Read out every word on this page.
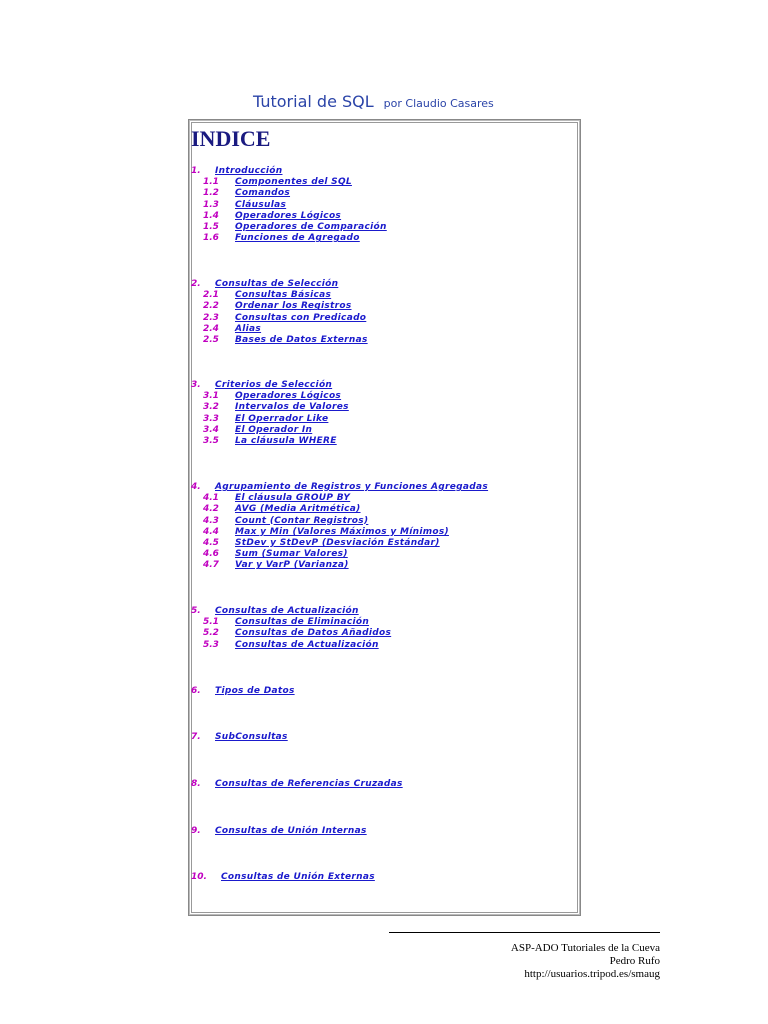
Tutorial de SQL por Claudio Casares
INDICE
1. Introducción
1.1 Componentes del SQL
1.2 Comandos
1.3 Cláusulas
1.4 Operadores Lógicos
1.5 Operadores de Comparación
1.6 Funciones de Agregado
2. Consultas de Selección
2.1 Consultas Básicas
2.2 Ordenar los Registros
2.3 Consultas con Predicado
2.4 Alias
2.5 Bases de Datos Externas
3. Criterios de Selección
3.1 Operadores Lógicos
3.2 Intervalos de Valores
3.3 El Operrador Like
3.4 El Operador In
3.5 La cláusula WHERE
4. Agrupamiento de Registros y Funciones Agregadas
4.1 El cláusula GROUP BY
4.2 AVG (Media Aritmética)
4.3 Count (Contar Registros)
4.4 Max y Min (Valores Máximos y Mínimos)
4.5 StDev y StDevP (Desviación Estándar)
4.6 Sum (Sumar Valores)
4.7 Var y VarP (Varianza)
5. Consultas de Actualización
5.1 Consultas de Eliminación
5.2 Consultas de Datos Añadidos
5.3 Consultas de Actualización
6. Tipos de Datos
7. SubConsultas
8. Consultas de Referencias Cruzadas
9. Consultas de Unión Internas
10. Consultas de Unión Externas
ASP-ADO Tutoriales de la Cueva
Pedro Rufo
http://usuarios.tripod.es/smaug
